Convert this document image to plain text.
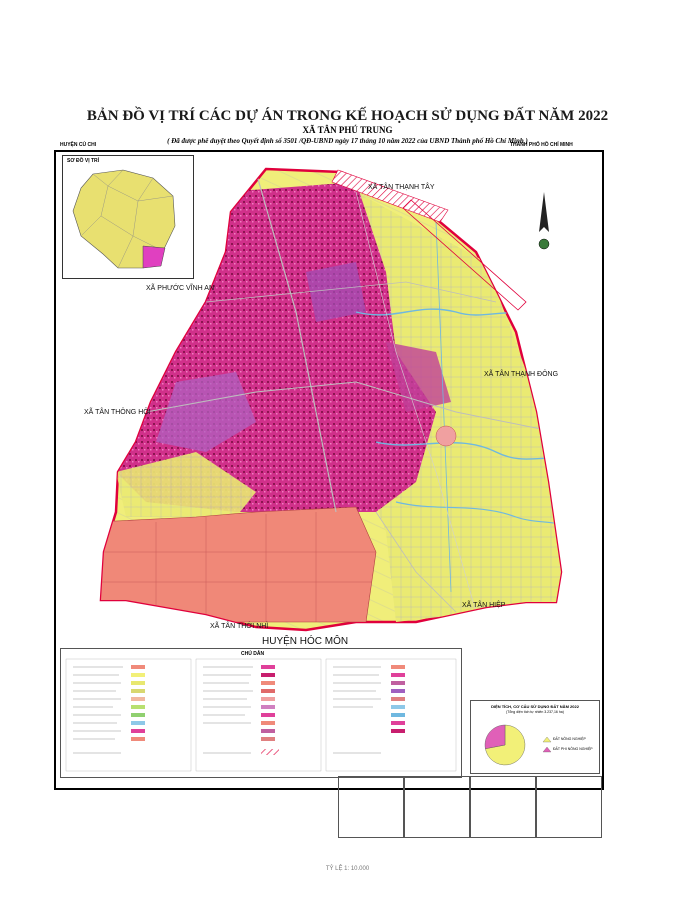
BẢN ĐỒ VỊ TRÍ CÁC DỰ ÁN TRONG KẾ HOẠCH SỬ DỤNG ĐẤT NĂM 2022
XÃ TÂN PHÚ TRUNG
( Đã được phê duyệt theo Quyết định số 3501 /QĐ-UBND ngày 17 tháng 10 năm 2022 của UBND Thành phố Hồ Chí Minh )
HUYỆN CỦ CHI	THÀNH PHỐ HỒ CHÍ MINH
XÃ TÂN THẠNH TÂY
XÃ PHƯỚC VĨNH AN
XÃ TÂN THẠNH ĐÔNG
XÃ TÂN THÔNG HỘI
XÃ TÂN HIỆP
XÃ TÂN THỚI NHÌ
HUYỆN HÓC MÔN
SƠ ĐỒ VỊ TRÍ
CHÚ DẪN
DIỆN TÍCH, CƠ CẤU SỬ DỤNG ĐẤT NĂM 2022
(Tổng diện tích tự nhiên 3.237,16 ha)
ĐẤT NÔNG NGHIỆP
ĐẤT PHI NÔNG NGHIỆP
TỶ LỆ 1: 10.000
